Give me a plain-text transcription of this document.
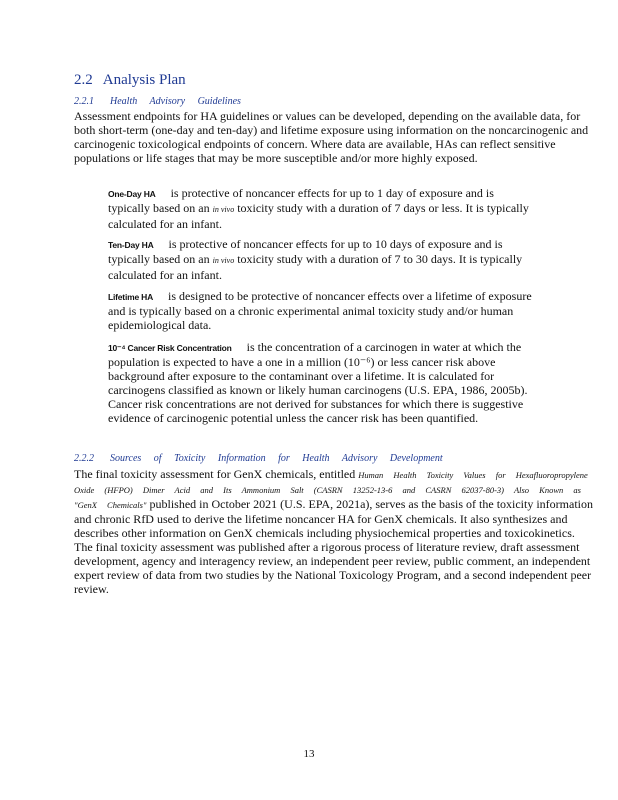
2.2 Analysis Plan

2.2.1 Health Advisory Guidelines

Assessment endpoints for HA guidelines or values can be developed, depending on the available data, for both short-term (one-day and ten-day) and lifetime exposure using information on the noncarcinogenic and carcinogenic toxicological endpoints of concern. Where data are available, HAs can reflect sensitive populations or life stages that may be more susceptible and/or more highly exposed.

One-Day HA is protective of noncancer effects for up to 1 day of exposure and is typically based on an in vivo toxicity study with a duration of 7 days or less. It is typically calculated for an infant.

Ten-Day HA is protective of noncancer effects for up to 10 days of exposure and is typically based on an in vivo toxicity study with a duration of 7 to 30 days. It is typically calculated for an infant.

Lifetime HA is designed to be protective of noncancer effects over a lifetime of exposure and is typically based on a chronic experimental animal toxicity study and/or human epidemiological data.

10⁻⁴ Cancer Risk Concentration is the concentration of a carcinogen in water at which the population is expected to have a one in a million (10⁻⁶) or less cancer risk above background after exposure to the contaminant over a lifetime. It is calculated for carcinogens classified as known or likely human carcinogens (U.S. EPA, 1986, 2005b). Cancer risk concentrations are not derived for substances for which there is suggestive evidence of carcinogenic potential unless the cancer risk has been quantified.

2.2.2 Sources of Toxicity Information for Health Advisory Development

The final toxicity assessment for GenX chemicals, entitled Human Health Toxicity Values for Hexafluoropropylene Oxide (HFPO) Dimer Acid and Its Ammonium Salt (CASRN 13252-13-6 and CASRN 62037-80-3) Also Known as "GenX Chemicals" published in October 2021 (U.S. EPA, 2021a), serves as the basis of the toxicity information and chronic RfD used to derive the lifetime noncancer HA for GenX chemicals. It also synthesizes and describes other information on GenX chemicals including physiochemical properties and toxicokinetics. The final toxicity assessment was published after a rigorous process of literature review, draft assessment development, agency and interagency review, an independent peer review, public comment, an independent expert review of data from two studies by the National Toxicology Program, and a second independent peer review.

13
